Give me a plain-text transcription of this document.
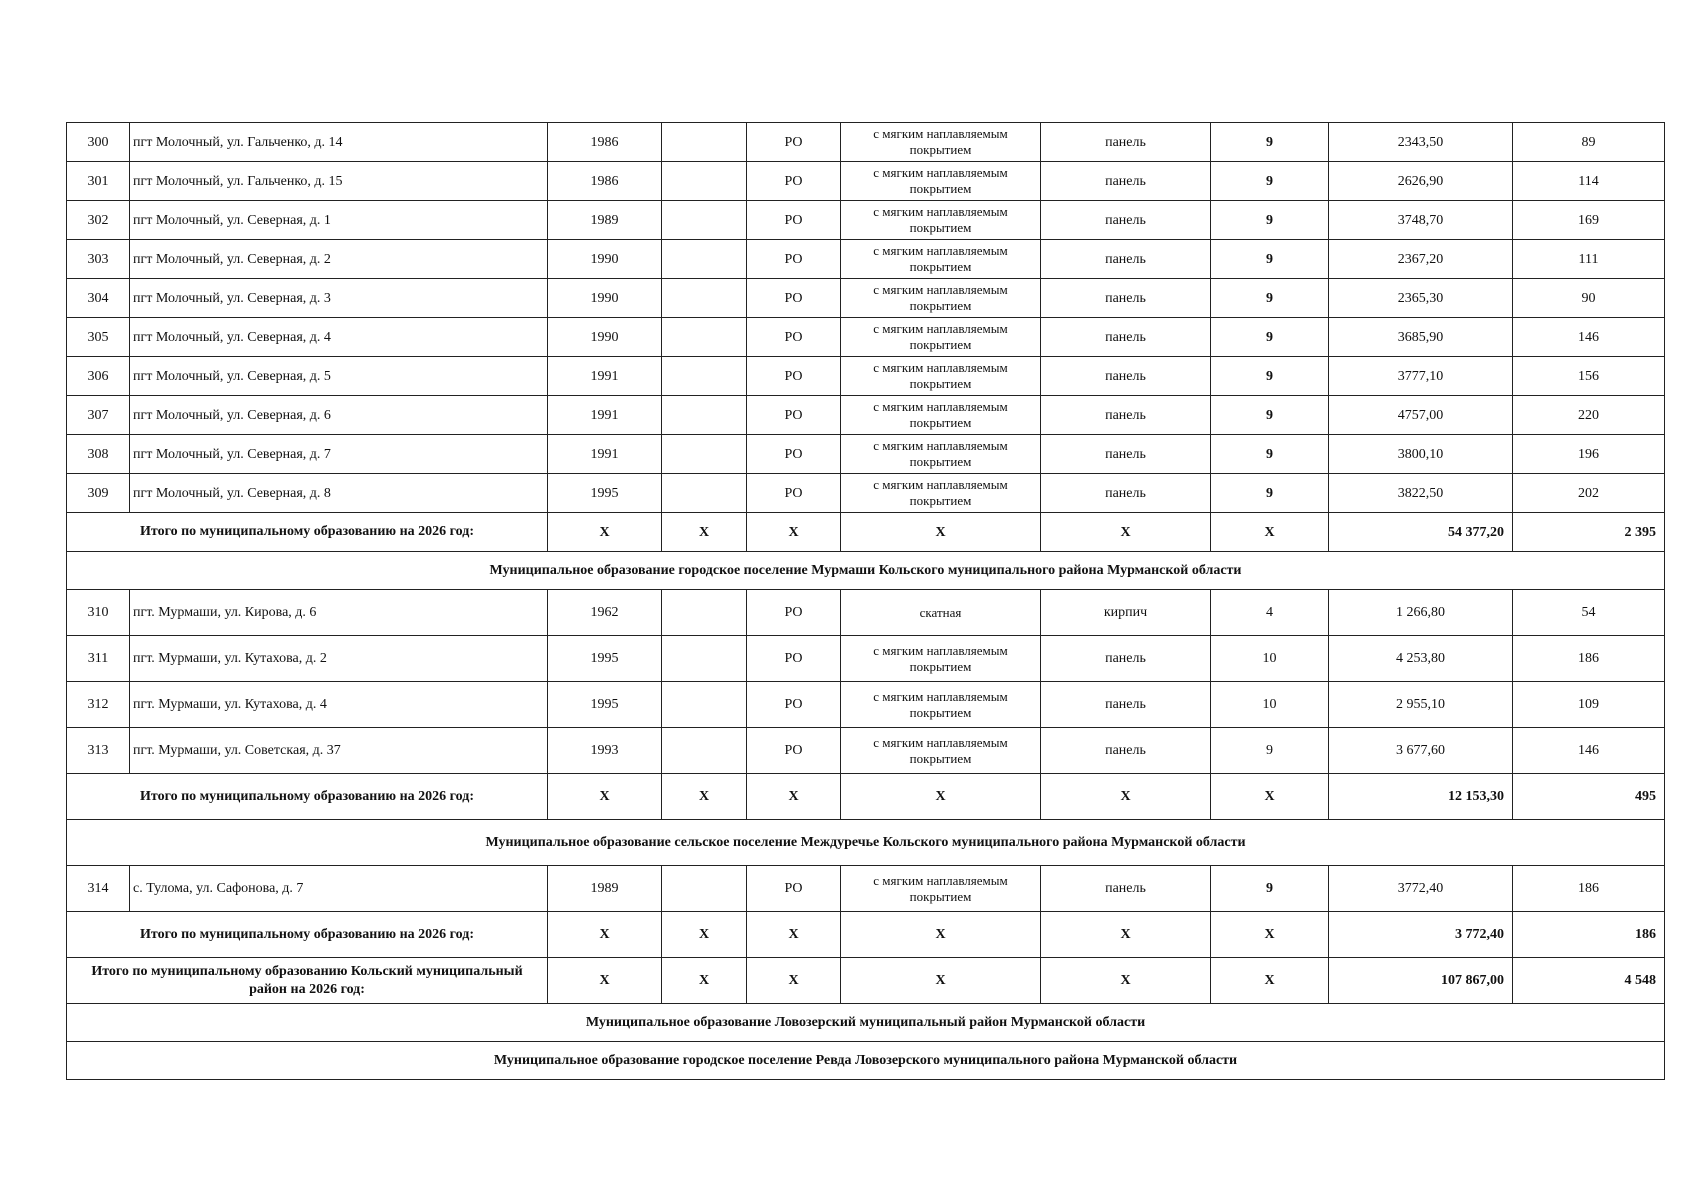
300	пгт Молочный, ул. Гальченко, д. 14	1986		РО	с мягким наплавляемым покрытием	панель	9	2343,50	89
301	пгт Молочный, ул. Гальченко, д. 15	1986		РО	с мягким наплавляемым покрытием	панель	9	2626,90	114
302	пгт Молочный, ул. Северная, д. 1	1989		РО	с мягким наплавляемым покрытием	панель	9	3748,70	169
303	пгт Молочный, ул. Северная, д. 2	1990		РО	с мягким наплавляемым покрытием	панель	9	2367,20	111
304	пгт Молочный, ул. Северная, д. 3	1990		РО	с мягким наплавляемым покрытием	панель	9	2365,30	90
305	пгт Молочный, ул. Северная, д. 4	1990		РО	с мягким наплавляемым покрытием	панель	9	3685,90	146
306	пгт Молочный, ул. Северная, д. 5	1991		РО	с мягким наплавляемым покрытием	панель	9	3777,10	156
307	пгт Молочный, ул. Северная, д. 6	1991		РО	с мягким наплавляемым покрытием	панель	9	4757,00	220
308	пгт Молочный, ул. Северная, д. 7	1991		РО	с мягким наплавляемым покрытием	панель	9	3800,10	196
309	пгт Молочный, ул. Северная, д. 8	1995		РО	с мягким наплавляемым покрытием	панель	9	3822,50	202
Итого по муниципальному образованию на 2026 год:		X	X	X	X	X	X	54 377,20	2 395
Муниципальное образование городское поселение Мурмаши Кольского муниципального района Мурманской области									
310	пгт. Мурмаши, ул. Кирова, д. 6	1962		РО	скатная	кирпич	4	1 266,80	54
311	пгт. Мурмаши, ул. Кутахова, д. 2	1995		РО	с мягким наплавляемым покрытием	панель	10	4 253,80	186
312	пгт. Мурмаши, ул. Кутахова, д. 4	1995		РО	с мягким наплавляемым покрытием	панель	10	2 955,10	109
313	пгт. Мурмаши, ул. Советская, д. 37	1993		РО	с мягким наплавляемым покрытием	панель	9	3 677,60	146
Итого по муниципальному образованию на 2026 год:		X	X	X	X	X	X	12 153,30	495
Муниципальное образование сельское поселение Междуречье Кольского муниципального района Мурманской области									
314	с. Тулома, ул. Сафонова, д. 7	1989		РО	с мягким наплавляемым покрытием	панель	9	3772,40	186
Итого по муниципальному образованию на 2026 год:		X	X	X	X	X	X	3 772,40	186
Итого по муниципальному образованию Кольский муниципальный район на 2026 год:		X	X	X	X	X	X	107 867,00	4 548
Муниципальное образование Ловозерский муниципальный район Мурманской области									
Муниципальное образование городское поселение Ревда Ловозерского муниципального района Мурманской области									
